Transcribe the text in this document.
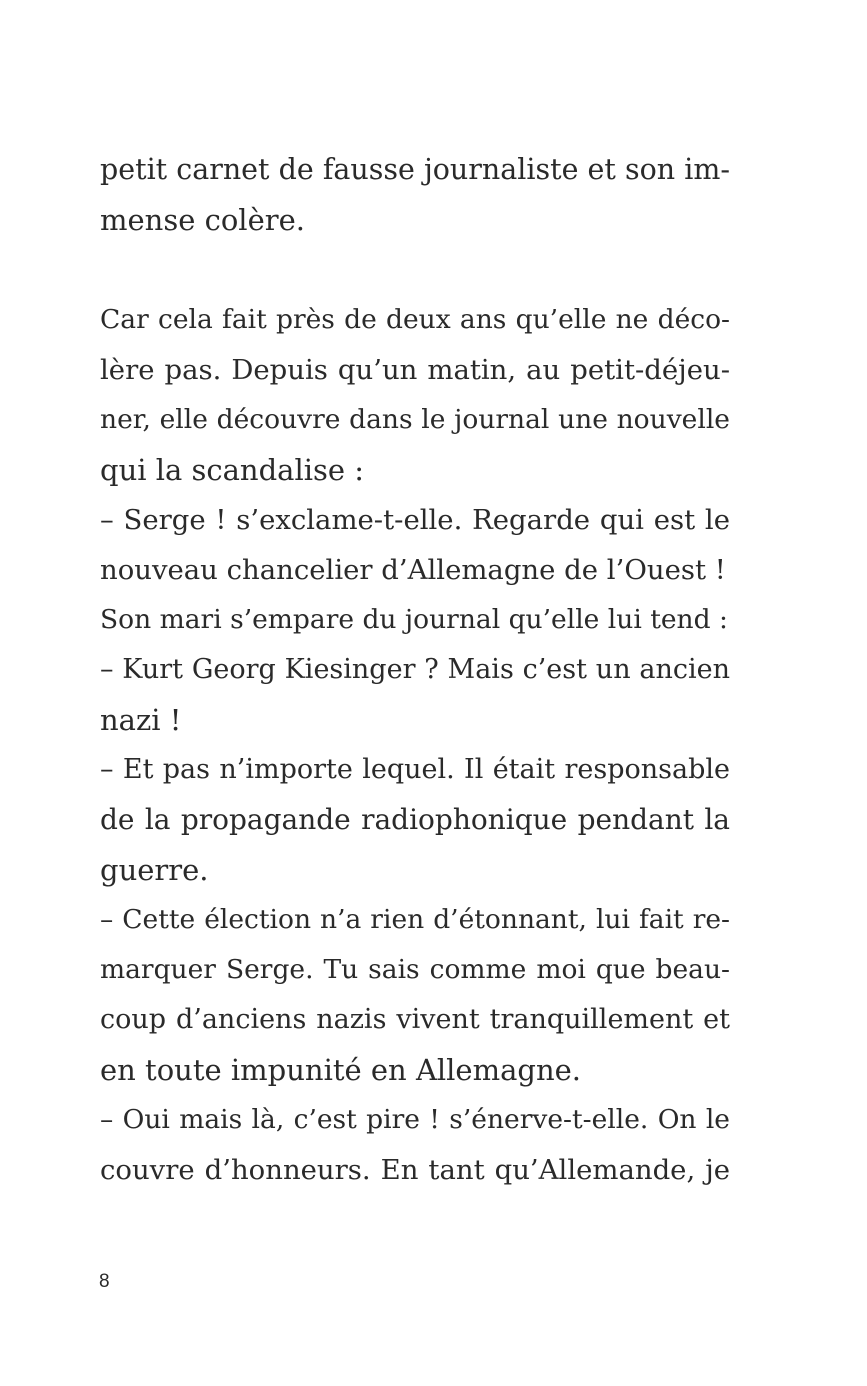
petit carnet de fausse journaliste et son im-
mense colère.
Car cela fait près de deux ans qu’elle ne déco-
lère pas. Depuis qu’un matin, au petit-déjeu-
ner, elle découvre dans le journal une nouvelle
qui la scandalise :
– Serge ! s’exclame-t-elle. Regarde qui est le
nouveau chancelier d’Allemagne de l’Ouest !
Son mari s’empare du journal qu’elle lui tend :
– Kurt Georg Kiesinger ? Mais c’est un ancien
nazi !
– Et pas n’importe lequel. Il était responsable
de la propagande radiophonique pendant la
guerre.
– Cette élection n’a rien d’étonnant, lui fait re-
marquer Serge. Tu sais comme moi que beau-
coup d’anciens nazis vivent tranquillement et
en toute impunité en Allemagne.
– Oui mais là, c’est pire ! s’énerve-t-elle. On le
couvre d’honneurs. En tant qu’Allemande, je
8
